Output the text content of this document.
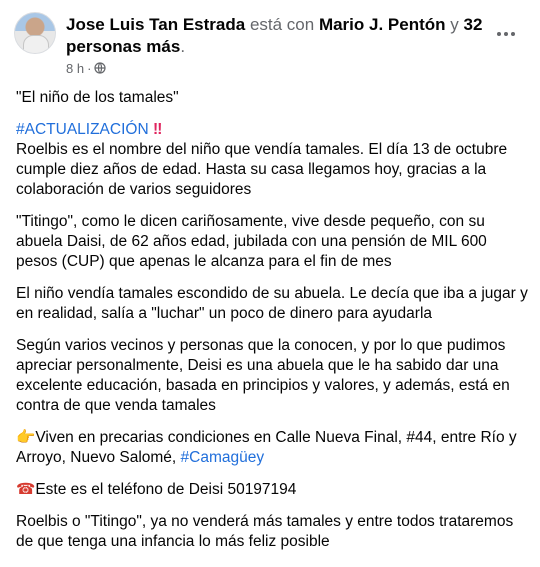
Jose Luis Tan Estrada está con Mario J. Pentón y 32 personas más.
8 h ·

"El niño de los tamales"

#ACTUALIZACIÓN ‼
Roelbis es el nombre del niño que vendía tamales. El día 13 de octubre cumple diez años de edad. Hasta su casa llegamos hoy, gracias a la colaboración de varios seguidores

"Titingo", como le dicen cariñosamente, vive desde pequeño, con su abuela Daisi, de 62 años edad, jubilada con una pensión de MIL 600 pesos (CUP) que apenas le alcanza para el fin de mes

El niño vendía tamales escondido de su abuela. Le decía que iba a jugar y en realidad, salía a "luchar" un poco de dinero para ayudarla

Según varios vecinos y personas que la conocen, y por lo que pudimos apreciar personalmente, Deisi es una abuela que le ha sabido dar una excelente educación, basada en principios y valores, y además, está en contra de que venda tamales

👉Viven en precarias condiciones en Calle Nueva Final, #44, entre Río y Arroyo, Nuevo Salomé, #Camagüey

☎Este es el teléfono de Deisi 50197194

Roelbis o "Titingo", ya no venderá más tamales y entre todos trataremos de que tenga una infancia lo más feliz posible
